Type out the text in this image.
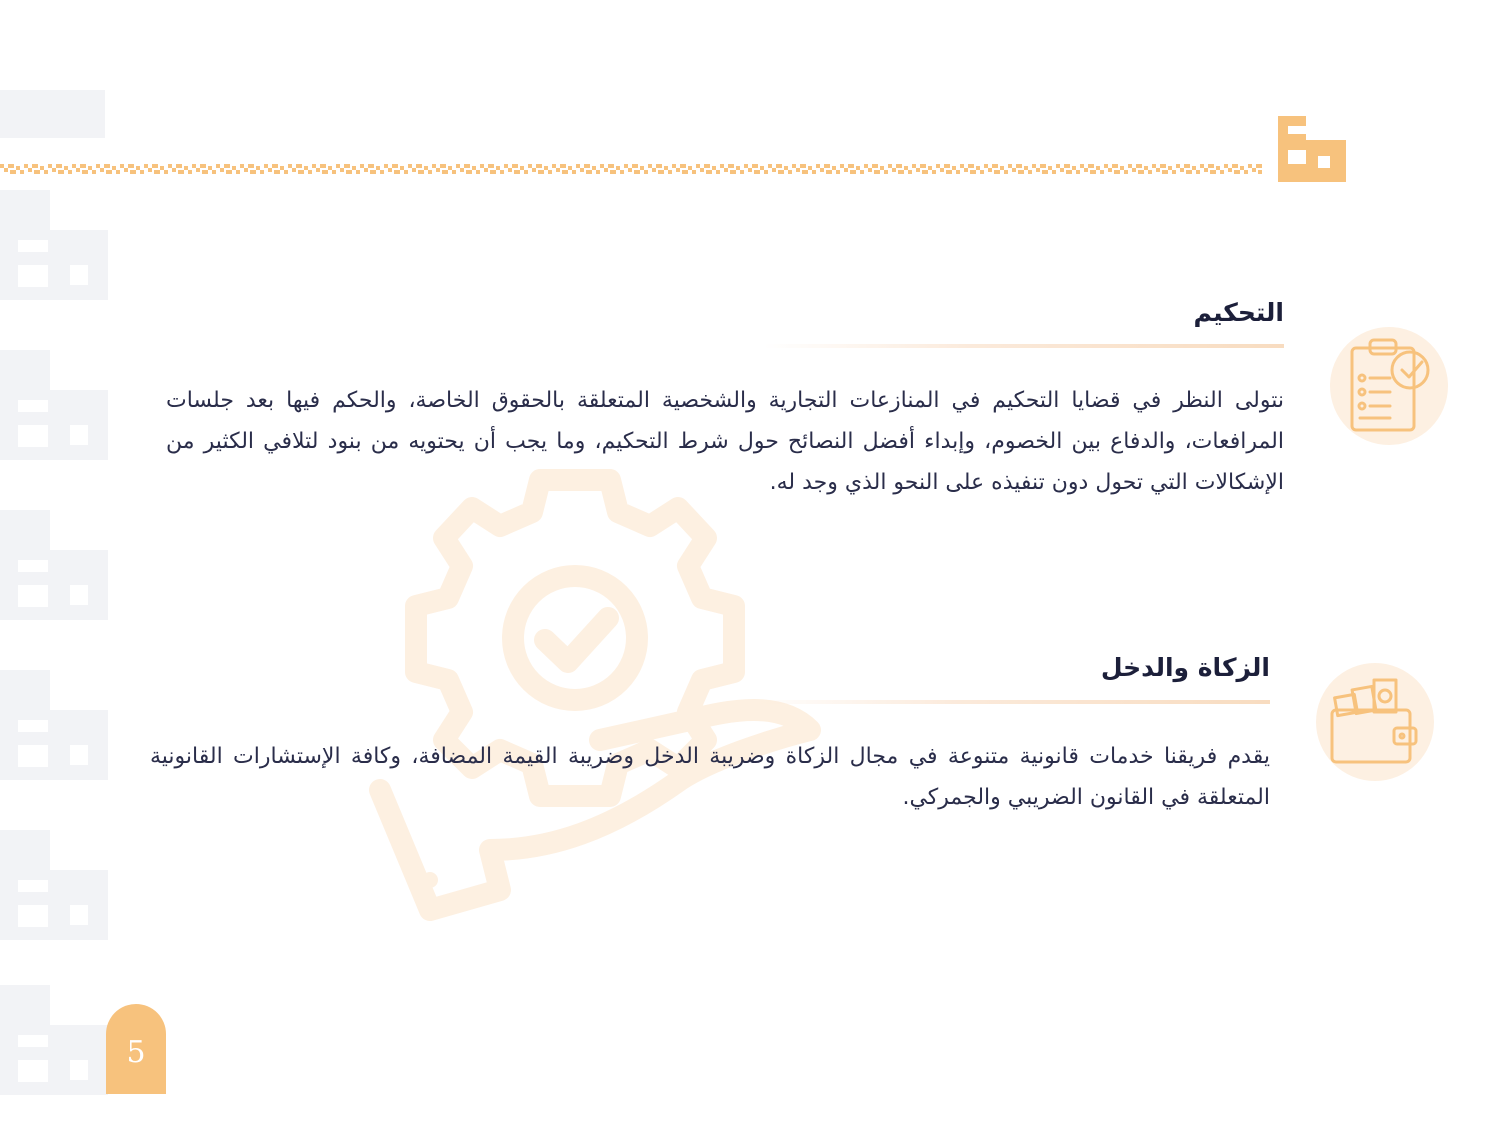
التحكيم

نتولى النظر في قضايا التحكيم في المنازعات التجارية والشخصية المتعلقة بالحقوق الخاصة، والحكم فيها بعد جلسات المرافعات، والدفاع بين الخصوم، وإبداء أفضل النصائح حول شرط التحكيم، وما يجب أن يحتويه من بنود لتلافي الكثير من الإشكالات التي تحول دون تنفيذه على النحو الذي وجد له.

الزكاة والدخل

يقدم فريقنا خدمات قانونية متنوعة في مجال الزكاة وضريبة الدخل وضريبة القيمة المضافة، وكافة الإستشارات القانونية المتعلقة في القانون الضريبي والجمركي.

5
